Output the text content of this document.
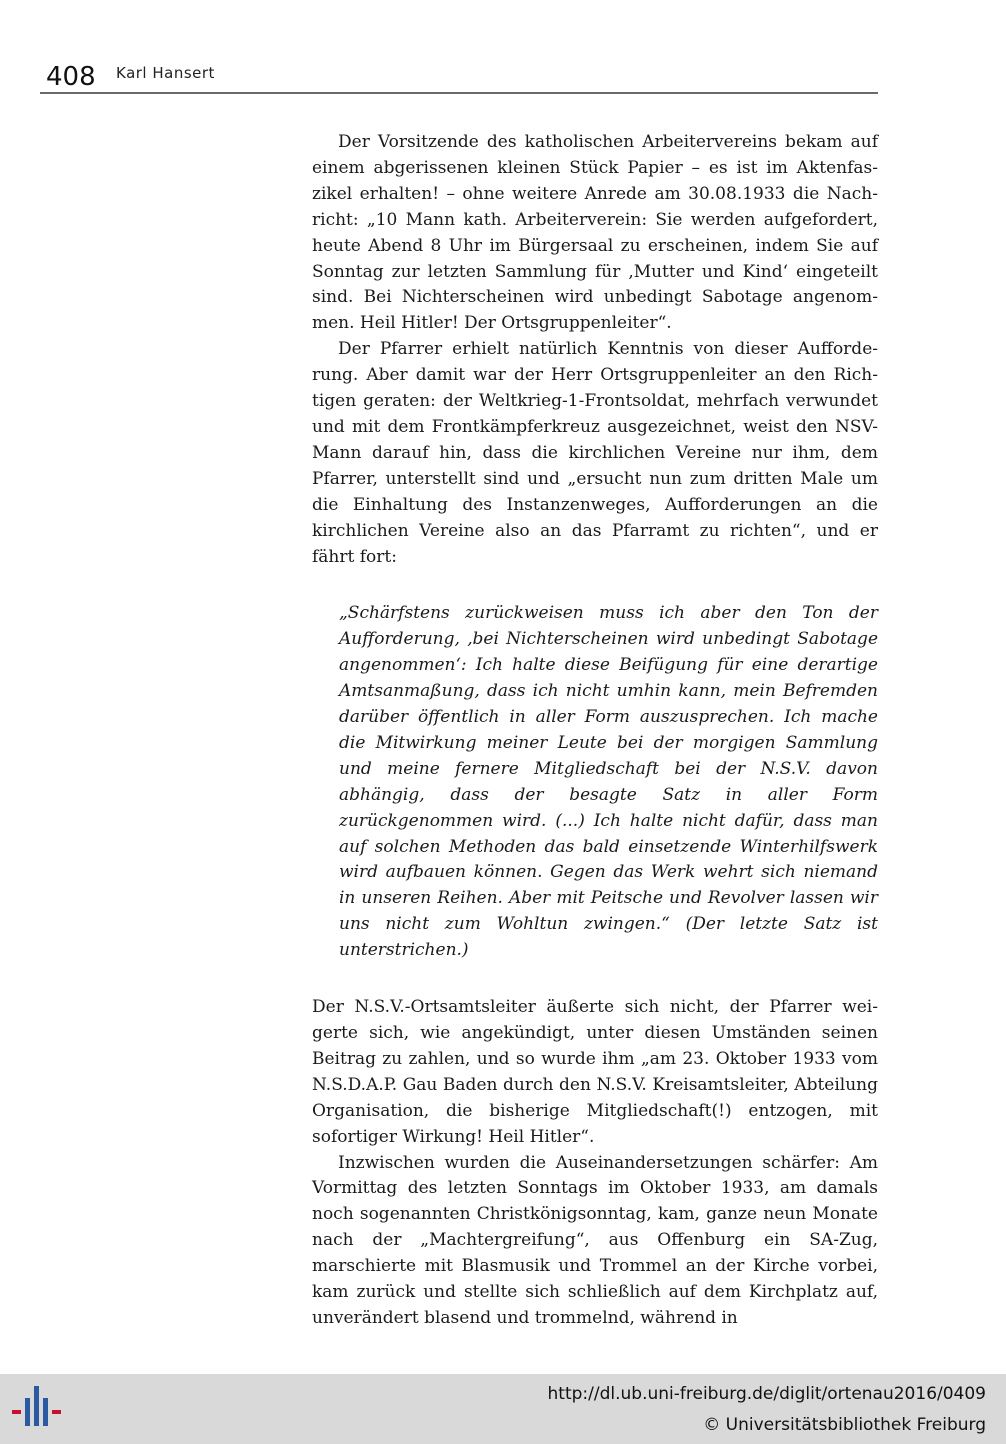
408 Karl Hansert

Der Vorsitzende des katholischen Arbeitervereins bekam auf einem abgerissenen kleinen Stück Papier – es ist im Aktenfaszikel erhalten! – ohne weitere Anrede am 30.08.1933 die Nachricht: „10 Mann kath. Arbeiterverein: Sie werden aufgefordert, heute Abend 8 Uhr im Bürgersaal zu erscheinen, indem Sie auf Sonntag zur letzten Sammlung für ‚Mutter und Kind‘ eingeteilt sind. Bei Nichterscheinen wird unbedingt Sabotage angenommen. Heil Hitler! Der Ortsgruppenleiter“.

Der Pfarrer erhielt natürlich Kenntnis von dieser Aufforderung. Aber damit war der Herr Ortsgruppenleiter an den Richtigen geraten: der Weltkrieg-1-Frontsoldat, mehrfach verwundet und mit dem Frontkämpferkreuz ausgezeichnet, weist den NSV-Mann darauf hin, dass die kirchlichen Vereine nur ihm, dem Pfarrer, unterstellt sind und „ersucht nun zum dritten Male um die Einhaltung des Instanzenweges, Aufforderungen an die kirchlichen Vereine also an das Pfarramt zu richten“, und er fährt fort:

„Schärfstens zurückweisen muss ich aber den Ton der Aufforderung, ‚bei Nichterscheinen wird unbedingt Sabotage angenommen‘: Ich halte diese Beifügung für eine derartige Amtsanmaßung, dass ich nicht umhin kann, mein Befremden darüber öffentlich in aller Form auszusprechen. Ich mache die Mitwirkung meiner Leute bei der morgigen Sammlung und meine fernere Mitgliedschaft bei der N.S.V. davon abhängig, dass der besagte Satz in aller Form zurückgenommen wird. (...) Ich halte nicht dafür, dass man auf solchen Methoden das bald einsetzende Winterhilfswerk wird aufbauen können. Gegen das Werk wehrt sich niemand in unseren Reihen. Aber mit Peitsche und Revolver lassen wir uns nicht zum Wohltun zwingen.“ (Der letzte Satz ist unterstrichen.)

Der N.S.V.-Ortsamtsleiter äußerte sich nicht, der Pfarrer weigerte sich, wie angekündigt, unter diesen Umständen seinen Beitrag zu zahlen, und so wurde ihm „am 23. Oktober 1933 vom N.S.D.A.P. Gau Baden durch den N.S.V. Kreisamtsleiter, Abteilung Organisation, die bisherige Mitgliedschaft(!) entzogen, mit sofortiger Wirkung! Heil Hitler“.

Inzwischen wurden die Auseinandersetzungen schärfer: Am Vormittag des letzten Sonntags im Oktober 1933, am damals noch sogenannten Christkönigsonntag, kam, ganze neun Monate nach der „Machtergreifung“, aus Offenburg ein SA-Zug, marschierte mit Blasmusik und Trommel an der Kirche vorbei, kam zurück und stellte sich schließlich auf dem Kirchplatz auf, unverändert blasend und trommelnd, während in

http://dl.ub.uni-freiburg.de/diglit/ortenau2016/0409
© Universitätsbibliothek Freiburg
